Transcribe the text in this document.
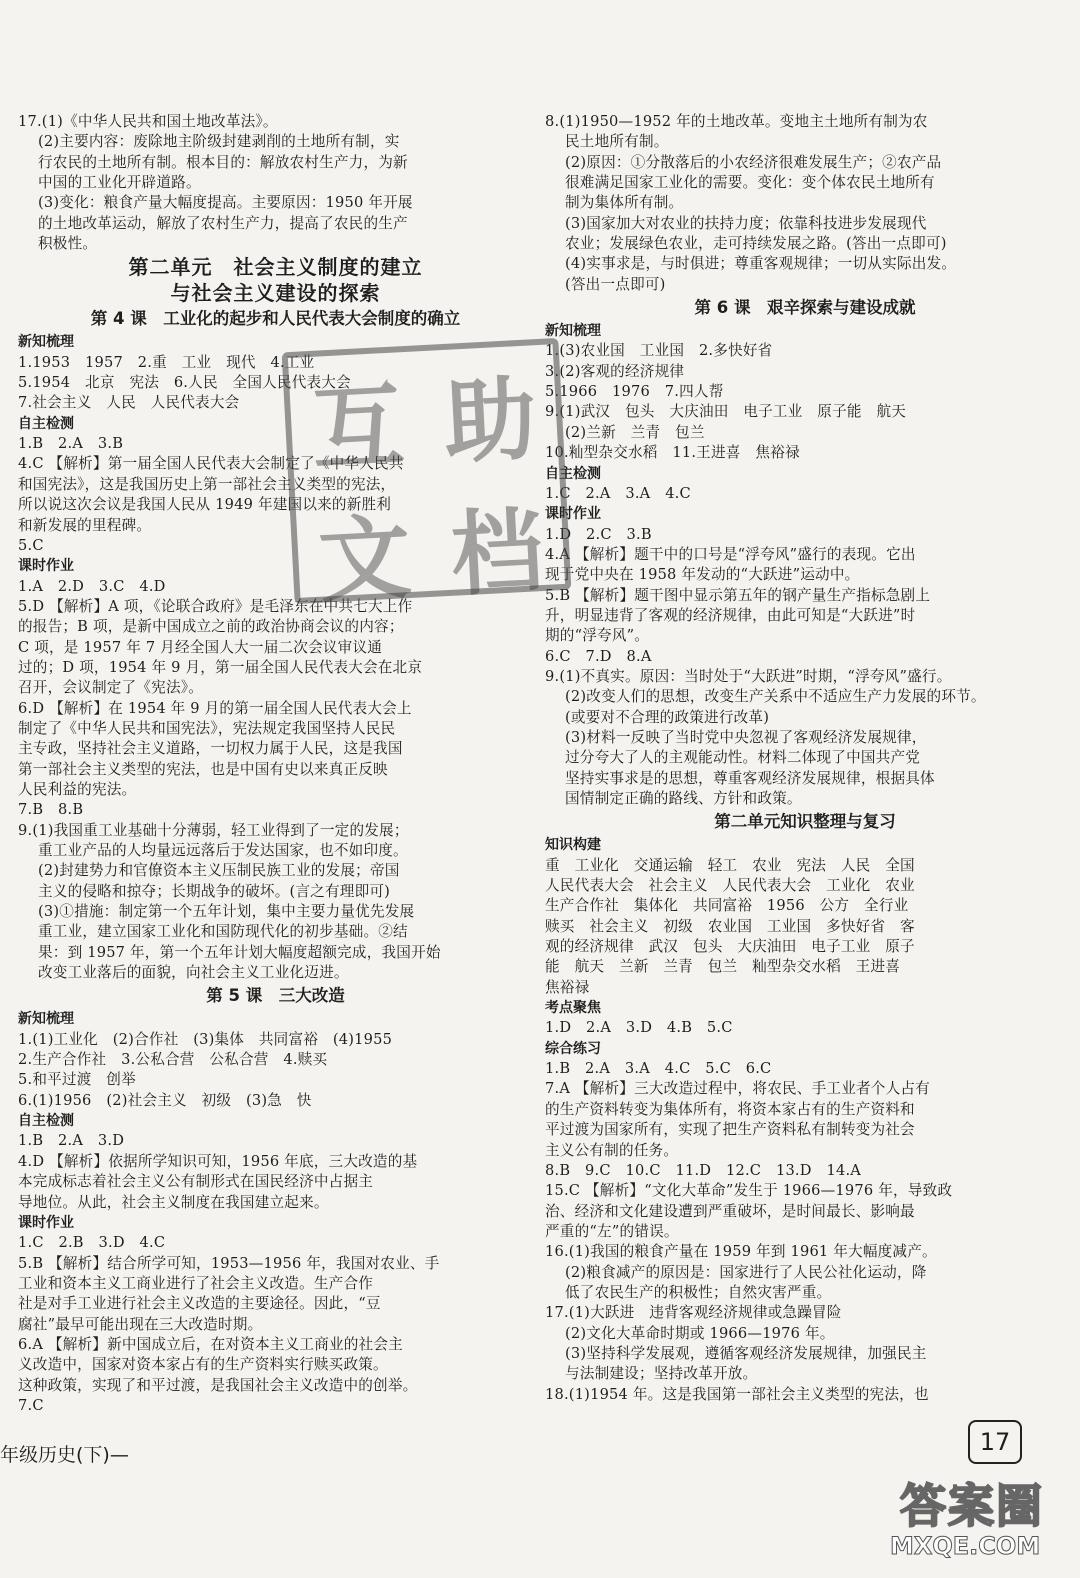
17.(1)《中华人民共和国土地改革法》。
(2)主要内容：废除地主阶级封建剥削的土地所有制，实
行农民的土地所有制。根本目的：解放农村生产力，为新
中国的工业化开辟道路。
(3)变化：粮食产量大幅度提高。主要原因：1950 年开展
的土地改革运动，解放了农村生产力，提高了农民的生产
积极性。
第二单元　社会主义制度的建立
与社会主义建设的探索
第 4 课　工业化的起步和人民代表大会制度的确立
新知梳理
1.1953　1957　2.重　工业　现代　4.工业
5.1954　北京　宪法　6.人民　全国人民代表大会
7.社会主义　人民　人民代表大会
自主检测
1.B　2.A　3.B
4.C 【解析】第一届全国人民代表大会制定了《中华人民共
和国宪法》，这是我国历史上第一部社会主义类型的宪法，
所以说这次会议是我国人民从 1949 年建国以来的新胜利
和新发展的里程碑。
5.C
课时作业
1.A　2.D　3.C　4.D
5.D 【解析】A 项，《论联合政府》是毛泽东在中共七大上作
的报告；B 项，是新中国成立之前的政治协商会议的内容；
C 项，是 1957 年 7 月经全国人大一届二次会议审议通
过的；D 项，1954 年 9 月，第一届全国人民代表大会在北京
召开，会议制定了《宪法》。
6.D 【解析】在 1954 年 9 月的第一届全国人民代表大会上
制定了《中华人民共和国宪法》，宪法规定我国坚持人民民
主专政，坚持社会主义道路，一切权力属于人民，这是我国
第一部社会主义类型的宪法，也是中国有史以来真正反映
人民利益的宪法。
7.B　8.B
9.(1)我国重工业基础十分薄弱，轻工业得到了一定的发展；
重工业产品的人均量远远落后于发达国家，也不如印度。
(2)封建势力和官僚资本主义压制民族工业的发展；帝国
主义的侵略和掠夺；长期战争的破坏。(言之有理即可)
(3)①措施：制定第一个五年计划，集中主要力量优先发展
重工业，建立国家工业化和国防现代化的初步基础。②结
果：到 1957 年，第一个五年计划大幅度超额完成，我国开始
改变工业落后的面貌，向社会主义工业化迈进。
第 5 课　三大改造
新知梳理
1.(1)工业化　(2)合作社　(3)集体　共同富裕　(4)1955
2.生产合作社　3.公私合营　公私合营　4.赎买
5.和平过渡　创举
6.(1)1956　(2)社会主义　初级　(3)急　快
自主检测
1.B　2.A　3.D
4.D 【解析】依据所学知识可知，1956 年底，三大改造的基
本完成标志着社会主义公有制形式在国民经济中占据主
导地位。从此，社会主义制度在我国建立起来。
课时作业
1.C　2.B　3.D　4.C
5.B 【解析】结合所学可知，1953—1956 年，我国对农业、手
工业和资本主义工商业进行了社会主义改造。生产合作
社是对手工业进行社会主义改造的主要途径。因此，“豆
腐社”最早可能出现在三大改造时期。
6.A 【解析】新中国成立后，在对资本主义工商业的社会主
义改造中，国家对资本家占有的生产资料实行赎买政策。
这种政策，实现了和平过渡，是我国社会主义改造中的创举。
7.C
8.(1)1950—1952 年的土地改革。变地主土地所有制为农
民土地所有制。
(2)原因：①分散落后的小农经济很难发展生产；②农产品
很难满足国家工业化的需要。变化：变个体农民土地所有
制为集体所有制。
(3)国家加大对农业的扶持力度；依靠科技进步发展现代
农业；发展绿色农业，走可持续发展之路。(答出一点即可)
(4)实事求是，与时俱进；尊重客观规律；一切从实际出发。
(答出一点即可)
第 6 课　艰辛探索与建设成就
新知梳理
1.(3)农业国　工业国　2.多快好省
3.(2)客观的经济规律
5.1966　1976　7.四人帮
9.(1)武汉　包头　大庆油田　电子工业　原子能　航天
(2)兰新　兰青　包兰
10.籼型杂交水稻　11.王进喜　焦裕禄
自主检测
1.C　2.A　3.A　4.C
课时作业
1.D　2.C　3.B
4.A 【解析】题干中的口号是“浮夸风”盛行的表现。它出
现于党中央在 1958 年发动的“大跃进”运动中。
5.B 【解析】题干图中显示第五年的钢产量生产指标急剧上
升，明显违背了客观的经济规律，由此可知是“大跃进”时
期的“浮夸风”。
6.C　7.D　8.A
9.(1)不真实。原因：当时处于“大跃进”时期，“浮夸风”盛行。
(2)改变人们的思想，改变生产关系中不适应生产力发展的环节。
(或要对不合理的政策进行改革)
(3)材料一反映了当时党中央忽视了客观经济发展规律，
过分夸大了人的主观能动性。材料二体现了中国共产党
坚持实事求是的思想，尊重客观经济发展规律，根据具体
国情制定正确的路线、方针和政策。
第二单元知识整理与复习
知识构建
重　工业化　交通运输　轻工　农业　宪法　人民　全国
人民代表大会　社会主义　人民代表大会　工业化　农业
生产合作社　集体化　共同富裕　1956　公方　全行业
赎买　社会主义　初级　农业国　工业国　多快好省　客
观的经济规律　武汉　包头　大庆油田　电子工业　原子
能　航天　兰新　兰青　包兰　籼型杂交水稻　王进喜
焦裕禄
考点聚焦
1.D　2.A　3.D　4.B　5.C
综合练习
1.B　2.A　3.A　4.C　5.C　6.C
7.A 【解析】三大改造过程中，将农民、手工业者个人占有
的生产资料转变为集体所有，将资本家占有的生产资料和
平过渡为国家所有，实现了把生产资料私有制转变为社会
主义公有制的任务。
8.B　9.C　10.C　11.D　12.C　13.D　14.A
15.C 【解析】“文化大革命”发生于 1966—1976 年，导致政
治、经济和文化建设遭到严重破坏，是时间最长、影响最
严重的“左”的错误。
16.(1)我国的粮食产量在 1959 年到 1961 年大幅度减产。
(2)粮食减产的原因是：国家进行了人民公社化运动，降
低了农民生产的积极性；自然灾害严重。
17.(1)大跃进　违背客观经济规律或急躁冒险
(2)文化大革命时期或 1966—1976 年。
(3)坚持科学发展观，遵循客观经济发展规律，加强民主
与法制建设；坚持改革开放。
18.(1)1954 年。这是我国第一部社会主义类型的宪法，也
互 助
文 档
年级历史(下)—	17
答案圈
MXQE.COM
